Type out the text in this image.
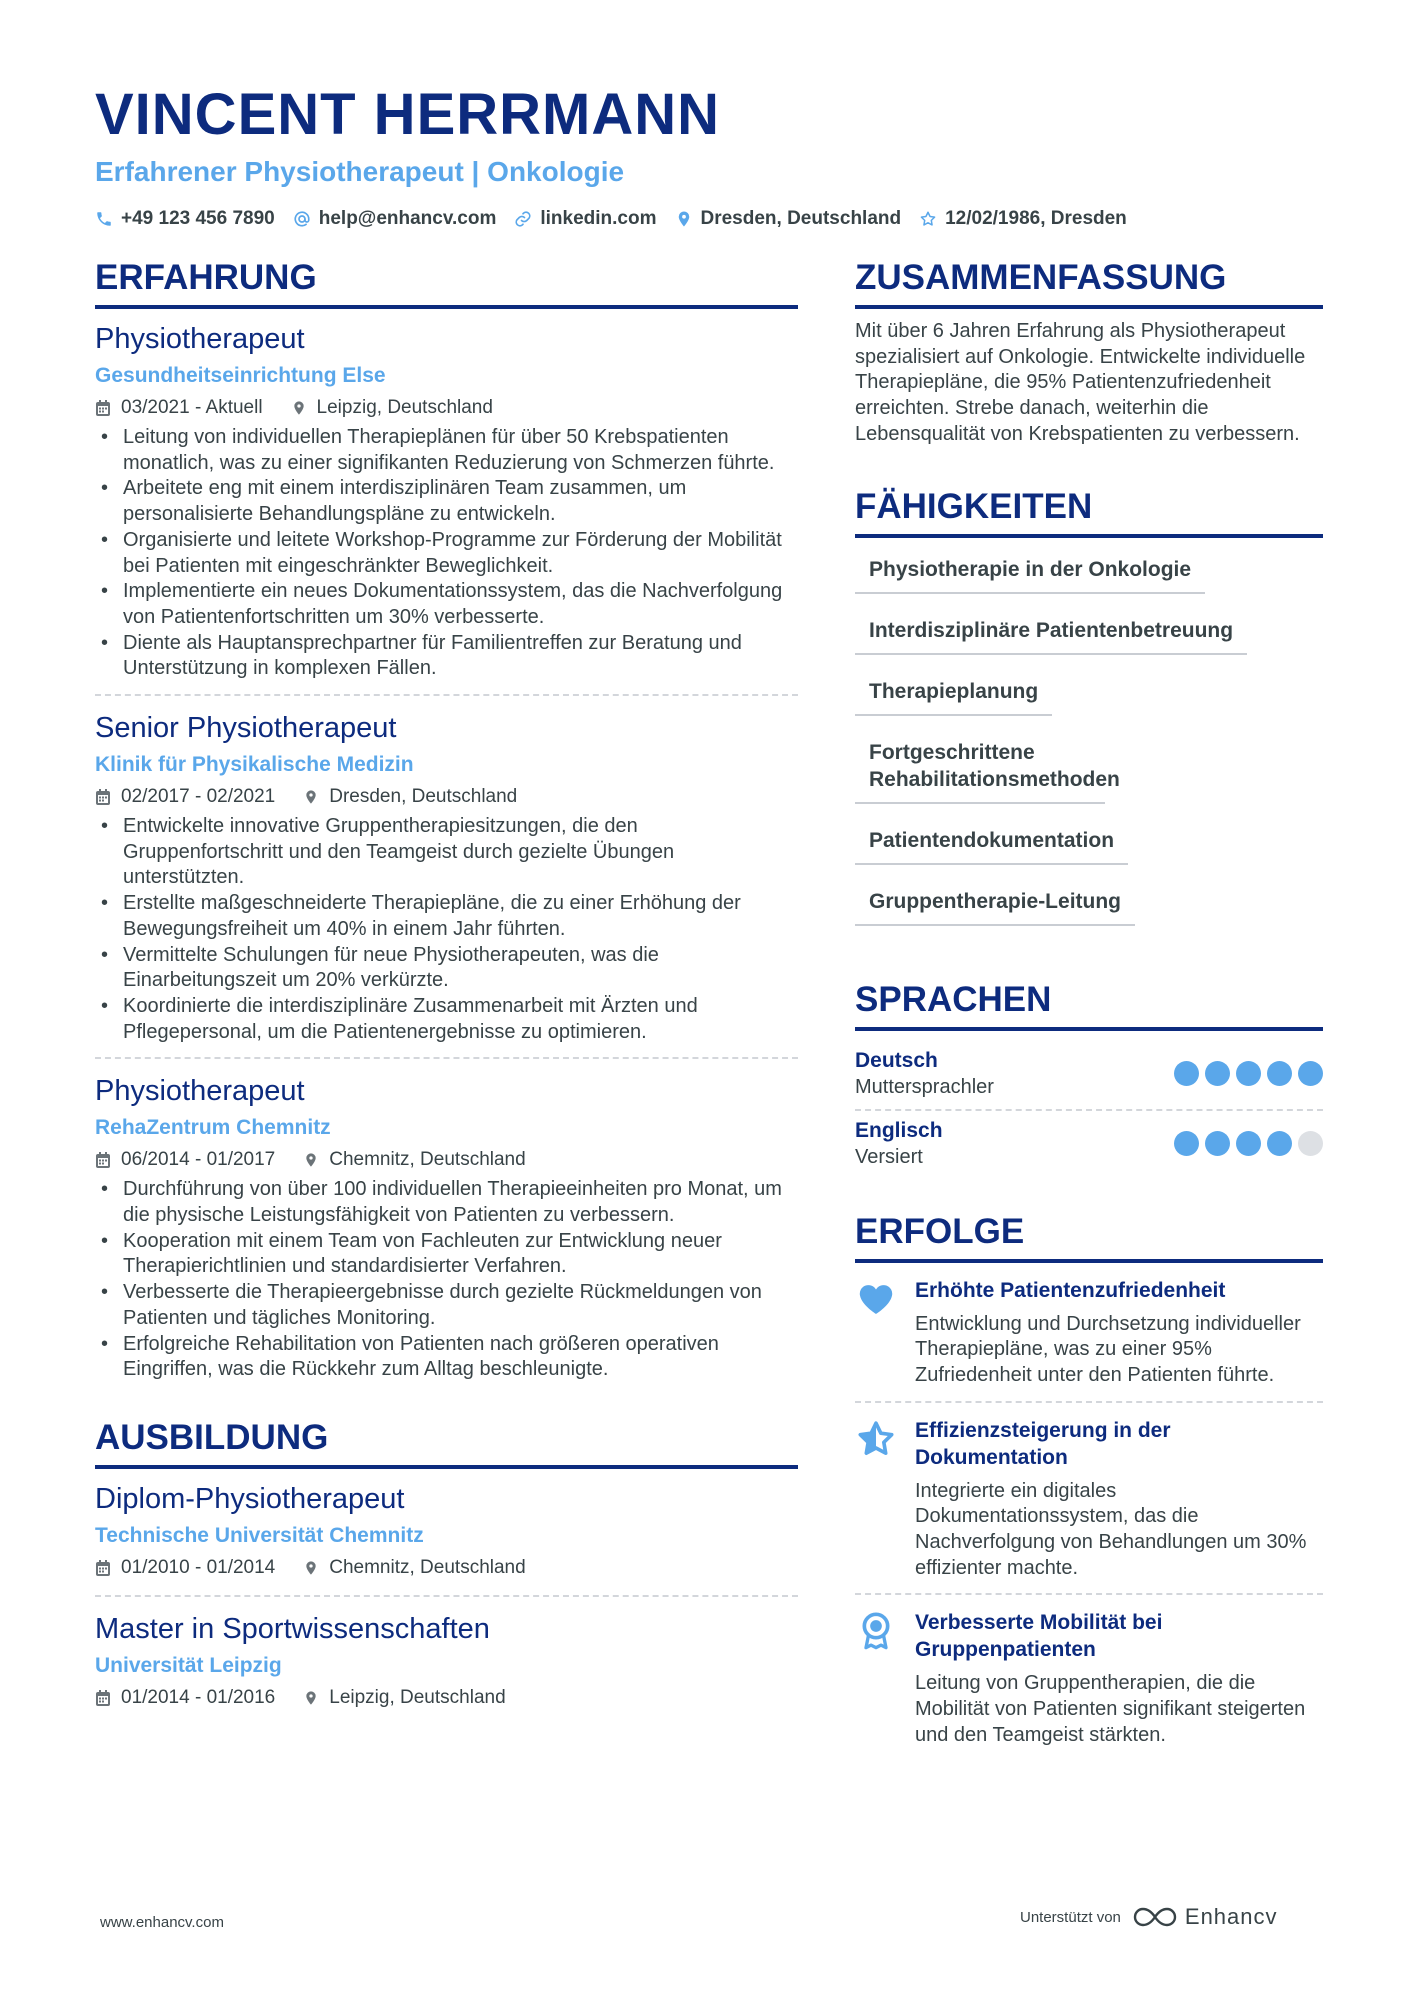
VINCENT HERRMANN
Erfahrener Physiotherapeut | Onkologie
+49 123 456 7890 help@enhancv.com linkedin.com Dresden, Deutschland 12/02/1986, Dresden
ERFAHRUNG
Physiotherapeut
Gesundheitseinrichtung Else
03/2021 - Aktuell	Leipzig, Deutschland
• Leitung von individuellen Therapieplänen für über 50 Krebspatienten monatlich, was zu einer signifikanten Reduzierung von Schmerzen führte.
• Arbeitete eng mit einem interdisziplinären Team zusammen, um personalisierte Behandlungspläne zu entwickeln.
• Organisierte und leitete Workshop-Programme zur Förderung der Mobilität bei Patienten mit eingeschränkter Beweglichkeit.
• Implementierte ein neues Dokumentationssystem, das die Nachverfolgung von Patientenfortschritten um 30% verbesserte.
• Diente als Hauptansprechpartner für Familientreffen zur Beratung und Unterstützung in komplexen Fällen.
Senior Physiotherapeut
Klinik für Physikalische Medizin
02/2017 - 02/2021	Dresden, Deutschland
• Entwickelte innovative Gruppentherapiesitzungen, die den Gruppenfortschritt und den Teamgeist durch gezielte Übungen unterstützten.
• Erstellte maßgeschneiderte Therapiepläne, die zu einer Erhöhung der Bewegungsfreiheit um 40% in einem Jahr führten.
• Vermittelte Schulungen für neue Physiotherapeuten, was die Einarbeitungszeit um 20% verkürzte.
• Koordinierte die interdisziplinäre Zusammenarbeit mit Ärzten und Pflegepersonal, um die Patientenergebnisse zu optimieren.
Physiotherapeut
RehaZentrum Chemnitz
06/2014 - 01/2017	Chemnitz, Deutschland
• Durchführung von über 100 individuellen Therapieeinheiten pro Monat, um die physische Leistungsfähigkeit von Patienten zu verbessern.
• Kooperation mit einem Team von Fachleuten zur Entwicklung neuer Therapierichtlinien und standardisierter Verfahren.
• Verbesserte die Therapieergebnisse durch gezielte Rückmeldungen von Patienten und tägliches Monitoring.
• Erfolgreiche Rehabilitation von Patienten nach größeren operativen Eingriffen, was die Rückkehr zum Alltag beschleunigte.
AUSBILDUNG
Diplom-Physiotherapeut
Technische Universität Chemnitz
01/2010 - 01/2014	Chemnitz, Deutschland
Master in Sportwissenschaften
Universität Leipzig
01/2014 - 01/2016	Leipzig, Deutschland
ZUSAMMENFASSUNG
Mit über 6 Jahren Erfahrung als Physiotherapeut spezialisiert auf Onkologie. Entwickelte individuelle Therapiepläne, die 95% Patientenzufriedenheit erreichten. Strebe danach, weiterhin die Lebensqualität von Krebspatienten zu verbessern.
FÄHIGKEITEN
Physiotherapie in der Onkologie
Interdisziplinäre Patientenbetreuung
Therapieplanung
Fortgeschrittene Rehabilitationsmethoden
Patientendokumentation
Gruppentherapie-Leitung
SPRACHEN
Deutsch
Muttersprachler
Englisch
Versiert
ERFOLGE
Erhöhte Patientenzufriedenheit
Entwicklung und Durchsetzung individueller Therapiepläne, was zu einer 95% Zufriedenheit unter den Patienten führte.
Effizienzsteigerung in der Dokumentation
Integrierte ein digitales Dokumentationssystem, das die Nachverfolgung von Behandlungen um 30% effizienter machte.
Verbesserte Mobilität bei Gruppenpatienten
Leitung von Gruppentherapien, die die Mobilität von Patienten signifikant steigerten und den Teamgeist stärkten.
www.enhancv.com	Unterstützt von	Enhancv
